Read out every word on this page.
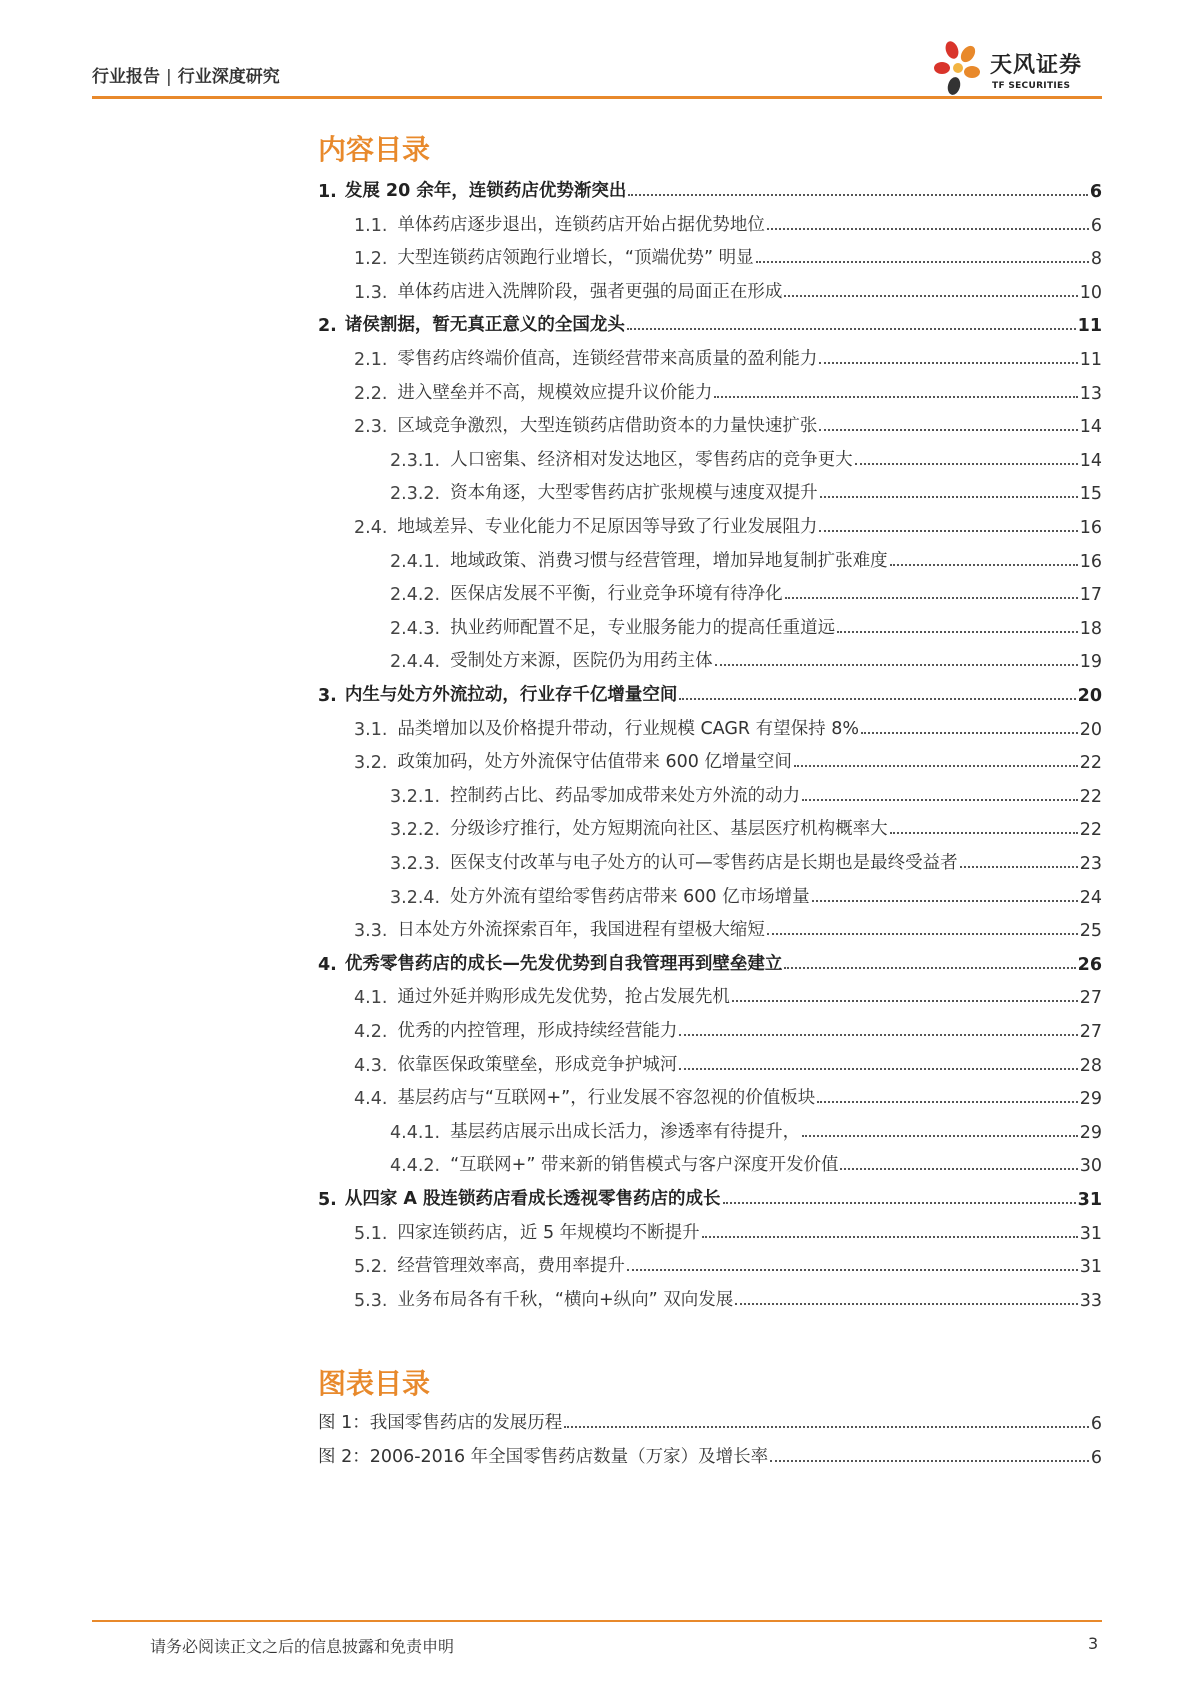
行业报告 | 行业深度研究	天风证券
TF SECURITIES
内容目录
1. 发展 20 余年，连锁药店优势渐突出	6
1.1. 单体药店逐步退出，连锁药店开始占据优势地位	6
1.2. 大型连锁药店领跑行业增长，“顶端优势” 明显	8
1.3. 单体药店进入洗牌阶段，强者更强的局面正在形成	10
2. 诸侯割据，暂无真正意义的全国龙头	11
2.1. 零售药店终端价值高，连锁经营带来高质量的盈利能力	11
2.2. 进入壁垒并不高，规模效应提升议价能力	13
2.3. 区域竞争激烈，大型连锁药店借助资本的力量快速扩张	14
2.3.1. 人口密集、经济相对发达地区，零售药店的竞争更大	14
2.3.2. 资本角逐，大型零售药店扩张规模与速度双提升	15
2.4. 地域差异、专业化能力不足原因等导致了行业发展阻力	16
2.4.1. 地域政策、消费习惯与经营管理，增加异地复制扩张难度	16
2.4.2. 医保店发展不平衡，行业竞争环境有待净化	17
2.4.3. 执业药师配置不足，专业服务能力的提高任重道远	18
2.4.4. 受制处方来源，医院仍为用药主体	19
3. 内生与处方外流拉动，行业存千亿增量空间	20
3.1. 品类增加以及价格提升带动，行业规模 CAGR 有望保持 8%	20
3.2. 政策加码，处方外流保守估值带来 600 亿增量空间	22
3.2.1. 控制药占比、药品零加成带来处方外流的动力	22
3.2.2. 分级诊疗推行，处方短期流向社区、基层医疗机构概率大	22
3.2.3. 医保支付改革与电子处方的认可—零售药店是长期也是最终受益者	23
3.2.4. 处方外流有望给零售药店带来 600 亿市场增量	24
3.3. 日本处方外流探索百年，我国进程有望极大缩短	25
4. 优秀零售药店的成长—先发优势到自我管理再到壁垒建立	26
4.1. 通过外延并购形成先发优势，抢占发展先机	27
4.2. 优秀的内控管理，形成持续经营能力	27
4.3. 依靠医保政策壁垒，形成竞争护城河	28
4.4. 基层药店与“互联网+”，行业发展不容忽视的价值板块	29
4.4.1. 基层药店展示出成长活力，渗透率有待提升，	29
4.4.2. “互联网+” 带来新的销售模式与客户深度开发价值	30
5. 从四家 A 股连锁药店看成长透视零售药店的成长	31
5.1. 四家连锁药店，近 5 年规模均不断提升	31
5.2. 经营管理效率高，费用率提升	31
5.3. 业务布局各有千秋，“横向+纵向” 双向发展	33
图表目录
图 1：我国零售药店的发展历程	6
图 2：2006-2016 年全国零售药店数量（万家）及增长率	6
请务必阅读正文之后的信息披露和免责申明	3
